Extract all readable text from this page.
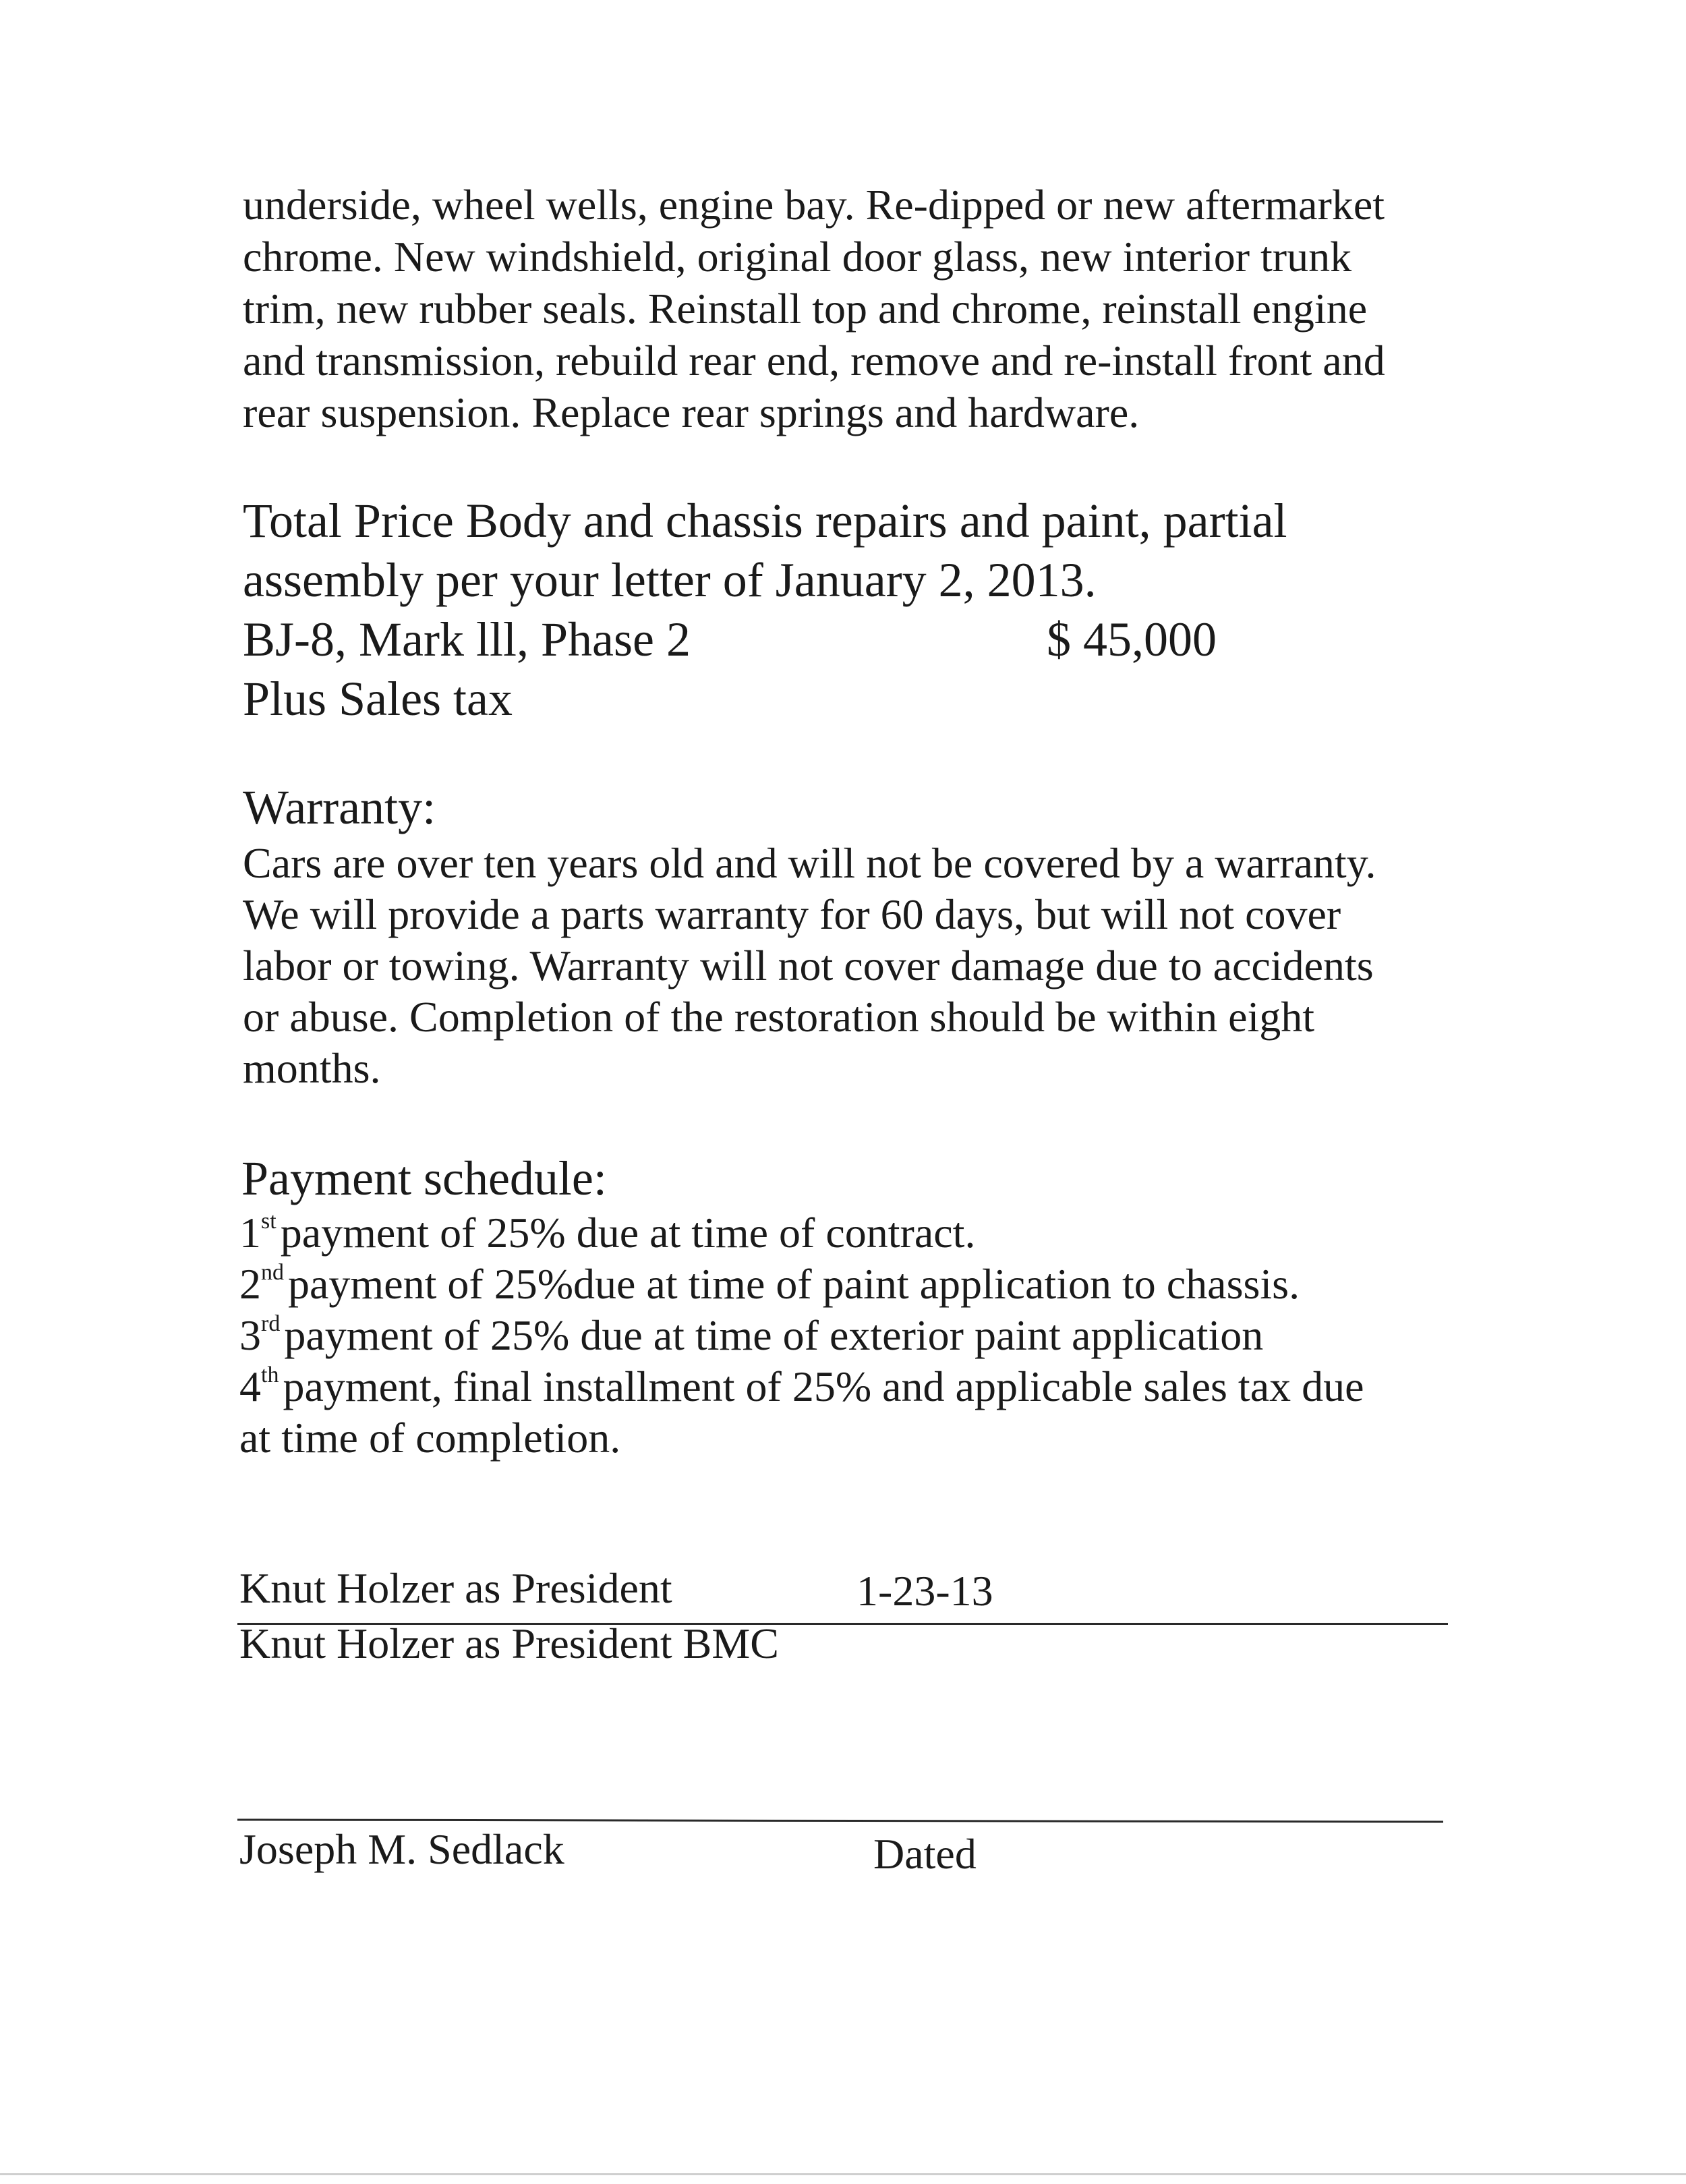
underside, wheel wells, engine bay. Re-dipped or new aftermarket
chrome. New windshield, original door glass, new interior trunk
trim, new rubber seals. Reinstall top and chrome, reinstall engine
and transmission, rebuild rear end, remove and re-install front and
rear suspension. Replace rear springs and hardware.
Total Price Body and chassis repairs and paint, partial
assembly per your letter of January 2, 2013.
BJ-8, Mark lll, Phase 2	$ 45,000
Plus Sales tax
Warranty:
Cars are over ten years old and will not be covered by a warranty.
We will provide a parts warranty for 60 days, but will not cover
labor or towing. Warranty will not cover damage due to accidents
or abuse. Completion of the restoration should be within eight
months.
Payment schedule:
1stpayment of 25% due at time of contract.
2ndpayment of 25%due at time of paint application to chassis.
3rdpayment of 25% due at time of exterior paint application
4thpayment, final installment of 25% and applicable sales tax due
at time of completion.
Knut Holzer as President	1-23-13
Knut Holzer as President BMC
Joseph M. Sedlack	Dated
